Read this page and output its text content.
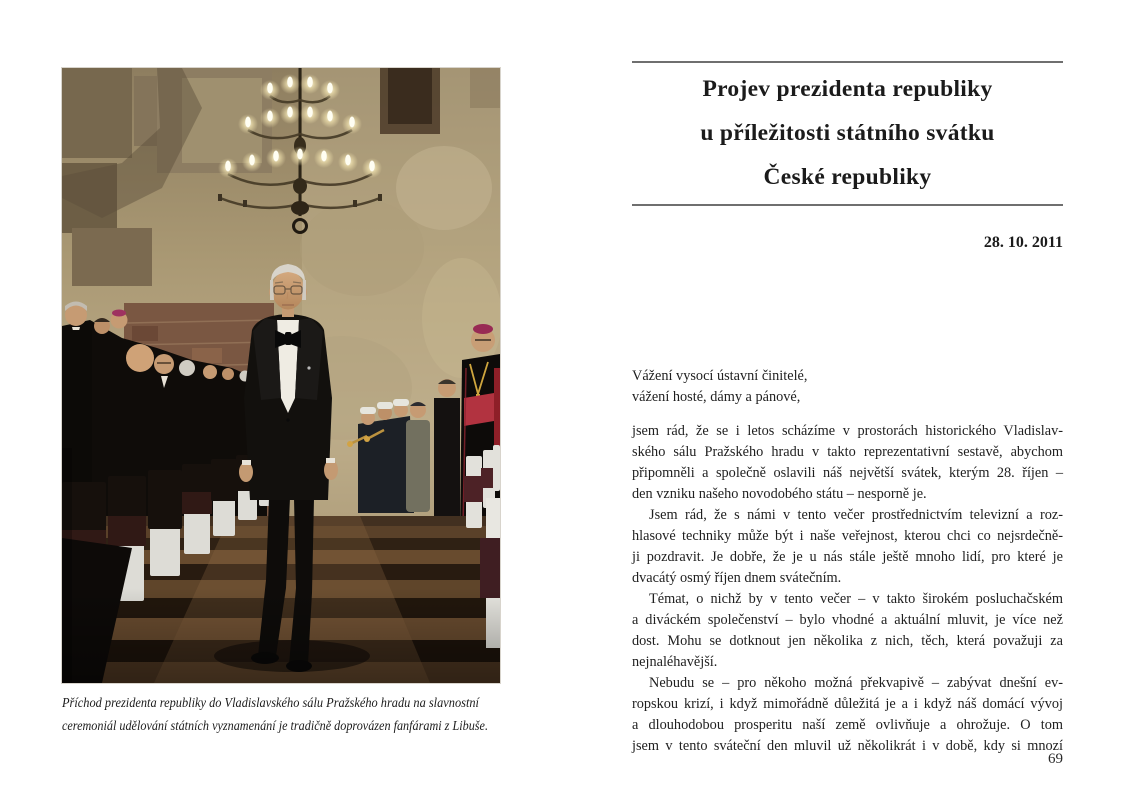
Příchod prezidenta republiky do Vladislavského sálu Pražského hradu na slavnostní
ceremoniál udělování státních vyznamenání je tradičně doprovázen fanfárami z Libuše.
Projev prezidenta republiky
u příležitosti státního svátku
České republiky
28. 10. 2011
Vážení vysocí ústavní činitelé,
vážení hosté, dámy a pánové,
jsem rád, že se i letos scházíme v prostorách historického Vladislav-
ského sálu Pražského hradu v takto reprezentativní sestavě, abychom
připomněli a společně oslavili náš největší svátek, kterým 28. říjen –
den vzniku našeho novodobého státu – nesporně je.
Jsem rád, že s námi v tento večer prostřednictvím televizní a roz-
hlasové techniky může být i naše veřejnost, kterou chci co nejsrdečně-
ji pozdravit. Je dobře, že je u nás stále ještě mnoho lidí, pro které je
dvacátý osmý říjen dnem svátečním.
Témat, o nichž by v tento večer – v takto širokém posluchačském
a diváckém společenství – bylo vhodné a aktuální mluvit, je více než
dost. Mohu se dotknout jen několika z nich, těch, která považuji za
nejnaléhavější.
Nebudu se – pro někoho možná překvapivě – zabývat dnešní ev-
ropskou krizí, i když mimořádně důležitá je a i když náš domácí vývoj
a dlouhodobou prosperitu naší země ovlivňuje a ohrožuje. O tom
jsem v tento sváteční den mluvil už několikrát i v době, kdy si mnozí
69
